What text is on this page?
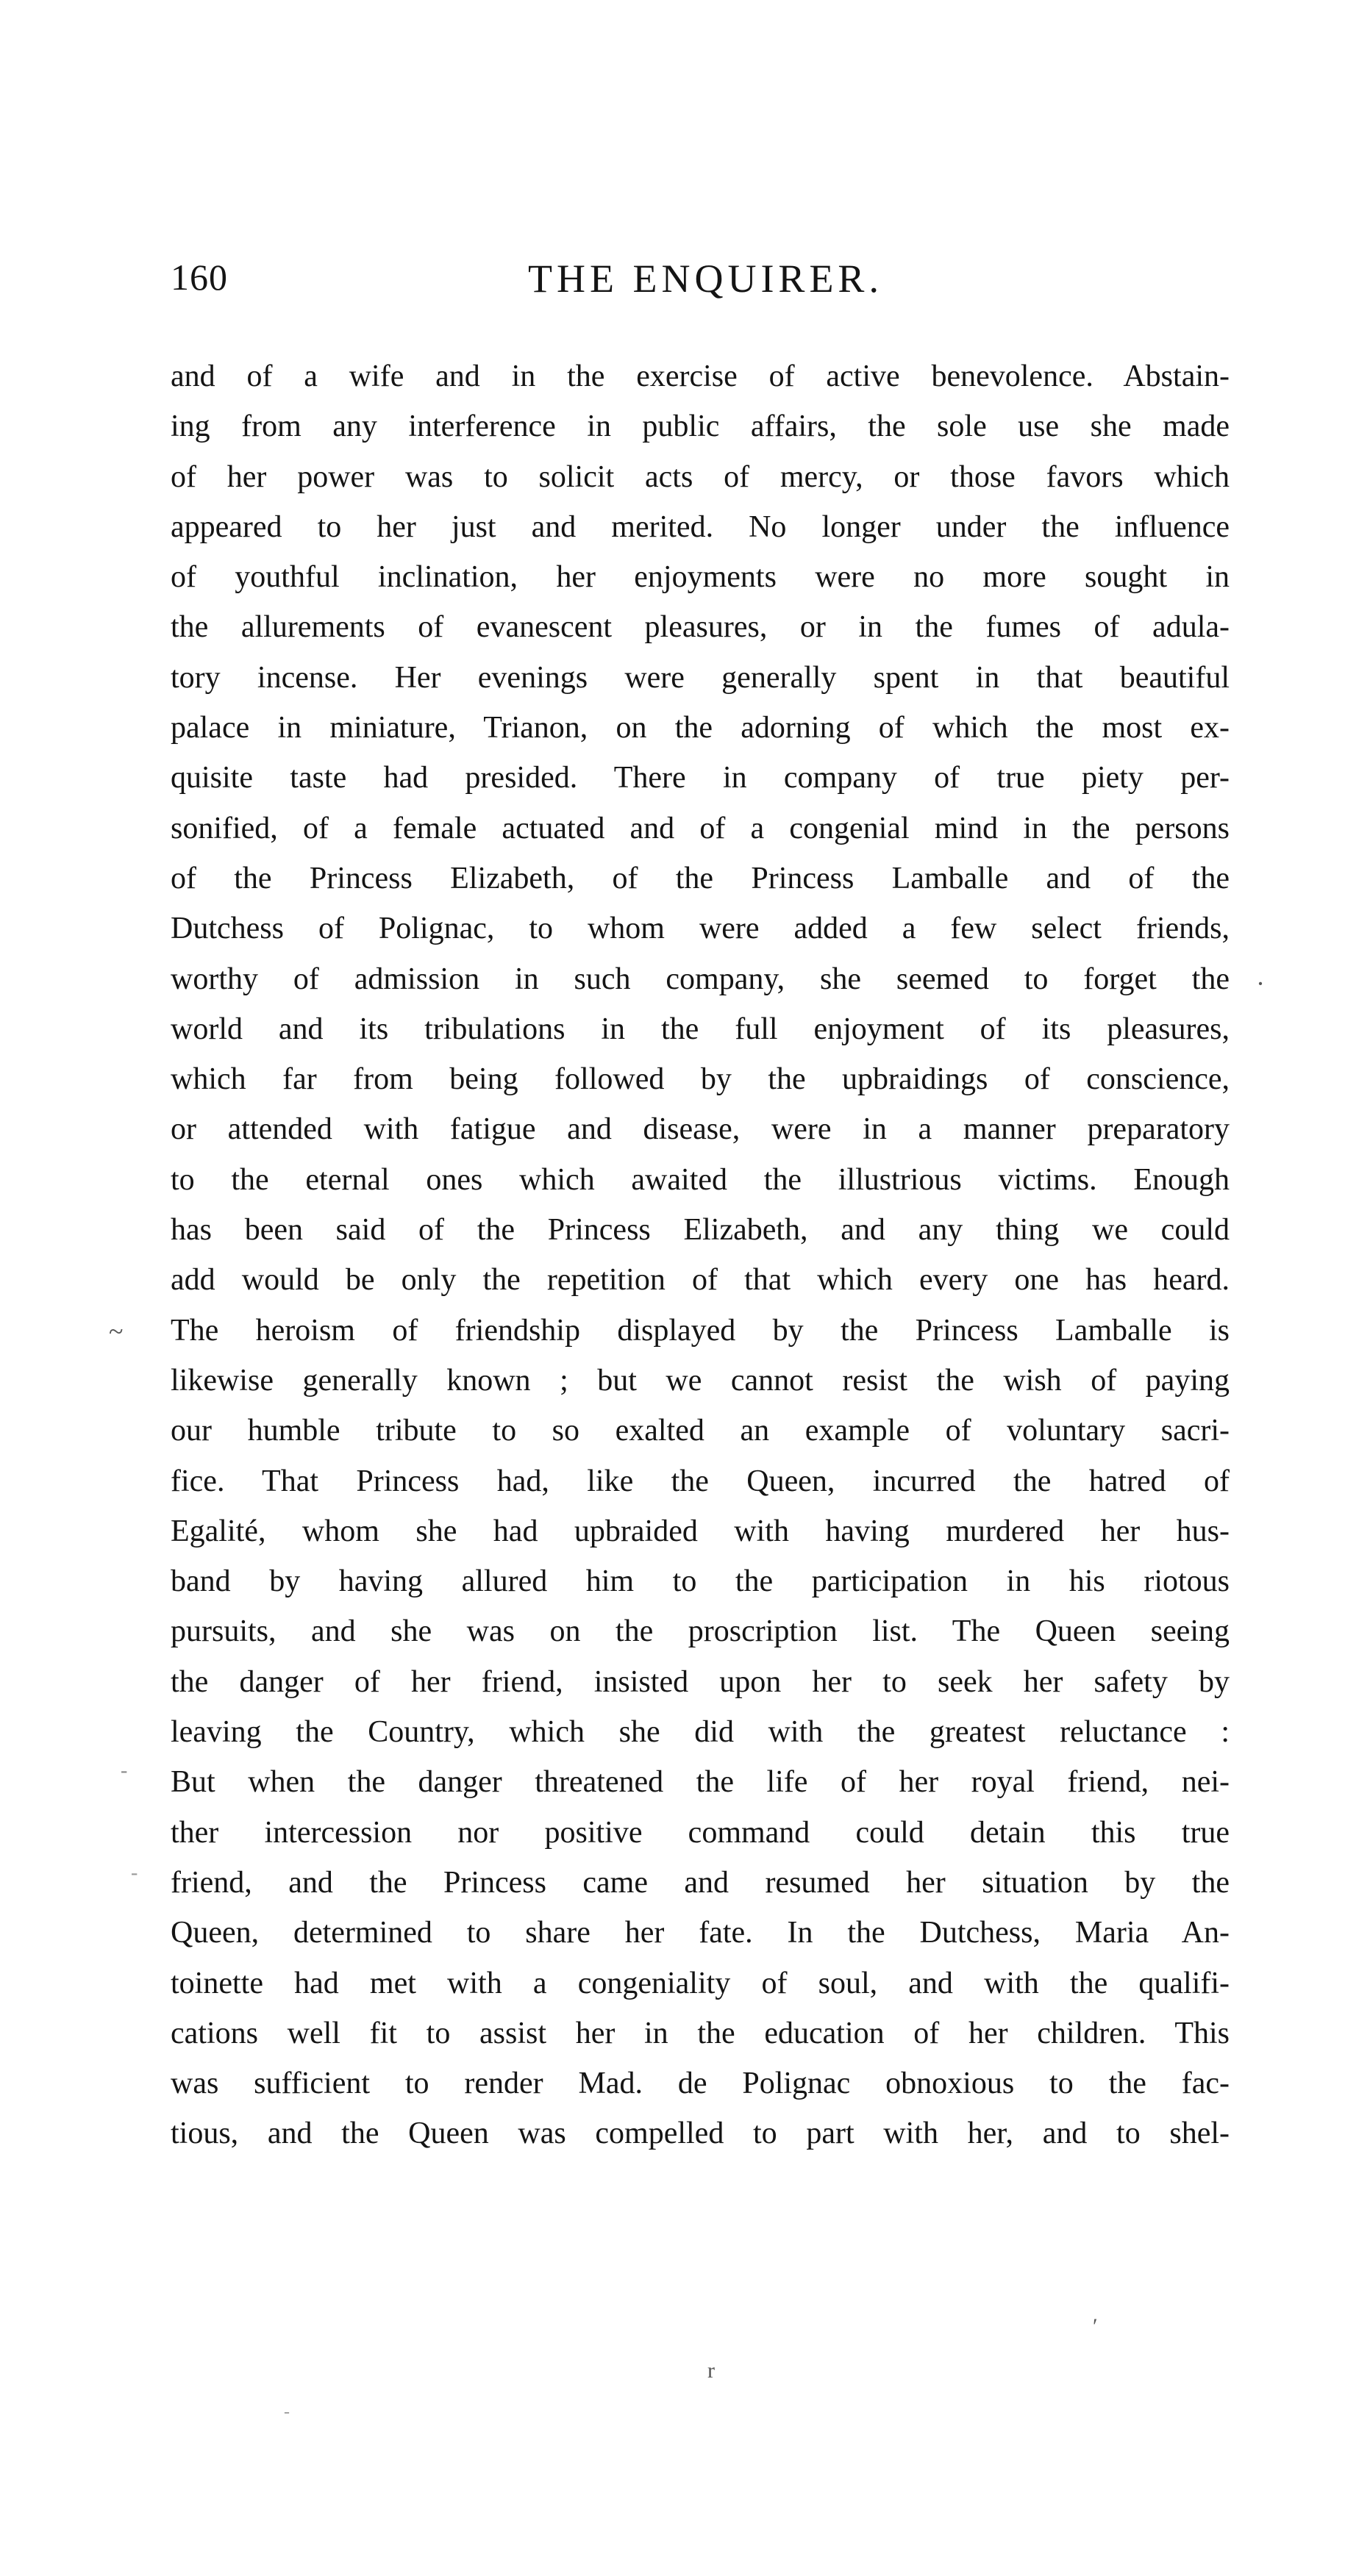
160	THE ENQUIRER.
and of a wife and in the exercise of active benevolence. Abstain-
ing from any interference in public affairs, the sole use she made
of her power was to solicit acts of mercy, or those favors which
appeared to her just and merited. No longer under the influence
of youthful inclination, her enjoyments were no more sought in
the allurements of evanescent pleasures, or in the fumes of adula-
tory incense. Her evenings were generally spent in that beautiful
palace in miniature, Trianon, on the adorning of which the most ex-
quisite taste had presided. There in company of true piety per-
sonified, of a female actuated and of a congenial mind in the persons
of the Princess Elizabeth, of the Princess Lamballe and of the
Dutchess of Polignac, to whom were added a few select friends,
worthy of admission in such company, she seemed to forget the
world and its tribulations in the full enjoyment of its pleasures,
which far from being followed by the upbraidings of conscience,
or attended with fatigue and disease, were in a manner preparatory
to the eternal ones which awaited the illustrious victims. Enough
has been said of the Princess Elizabeth, and any thing we could
add would be only the repetition of that which every one has heard.
The heroism of friendship displayed by the Princess Lamballe is
likewise generally known ; but we cannot resist the wish of paying
our humble tribute to so exalted an example of voluntary sacri-
fice. That Princess had, like the Queen, incurred the hatred of
Egalité, whom she had upbraided with having murdered her hus-
band by having allured him to the participation in his riotous
pursuits, and she was on the proscription list. The Queen seeing
the danger of her friend, insisted upon her to seek her safety by
leaving the Country, which she did with the greatest reluctance :
But when the danger threatened the life of her royal friend, nei-
ther intercession nor positive command could detain this true
friend, and the Princess came and resumed her situation by the
Queen, determined to share her fate. In the Dutchess, Maria An-
toinette had met with a congeniality of soul, and with the qualifi-
cations well fit to assist her in the education of her children. This
was sufficient to render Mad. de Polignac obnoxious to the fac-
tious, and the Queen was compelled to part with her, and to shel-
~
·
r
′
-
-
-
